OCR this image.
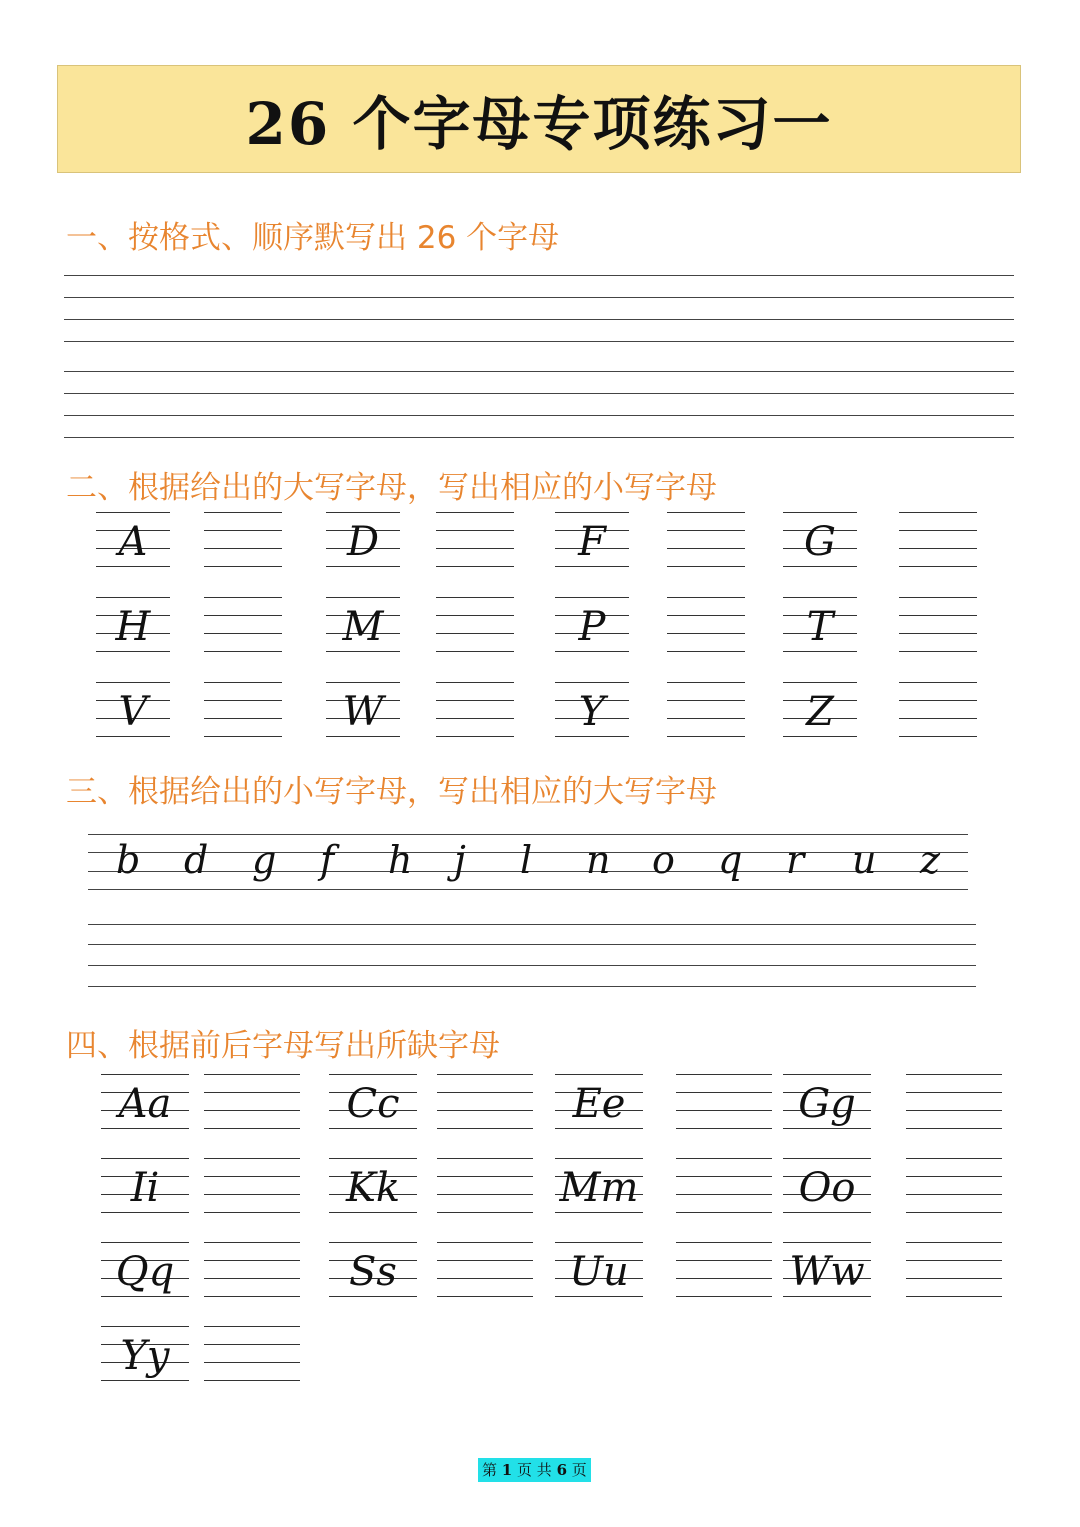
26 个字母专项练习一
一、按格式、顺序默写出 26 个字母
二、根据给出的大写字母，写出相应的小写字母
A	D	F	G
H	M	P	T
V	W	Y	Z
三、根据给出的小写字母，写出相应的大写字母
b d g f h j l n o q r u z
四、根据前后字母写出所缺字母
Aa	Cc	Ee	Gg
Ii	Kk	Mm	Oo
Qq	Ss	Uu	Ww
Yy
第 1 页 共 6 页
